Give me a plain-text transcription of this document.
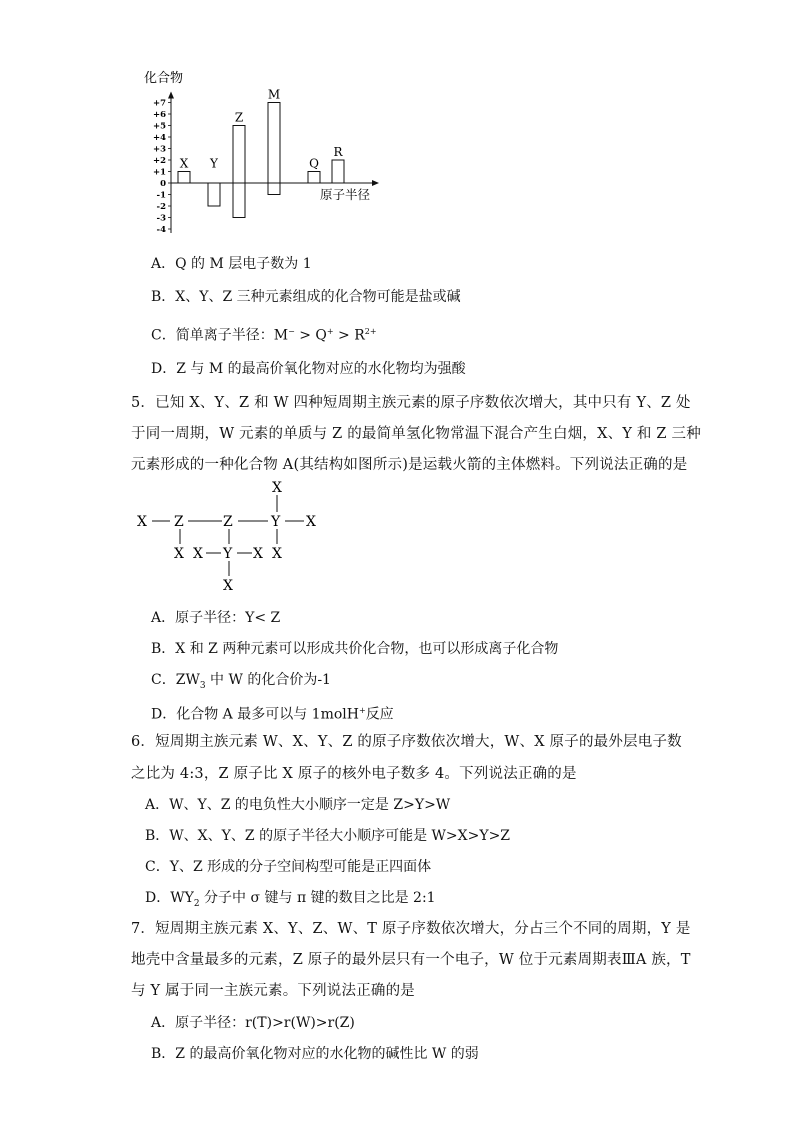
化合物
+7
+6
+5
+4
+3
+2
+1
0
-1
-2
-3
-4
X Y
Z
M
Q
R
原子半径
A．Q 的 M 层电子数为 1
B．X、Y、Z 三种元素组成的化合物可能是盐或碱
C．简单离子半径：$M^- > Q^+ > R^{2+}$
D．Z 与 M 的最高价氧化物对应的水化物均为强酸
5．已知 X、Y、Z 和 W 四种短周期主族元素的原子序数依次增大，其中只有 Y、Z 处
于同一周期，W 元素的单质与 Z 的最简单氢化物常温下混合产生白烟，X、Y 和 Z 三种
元素形成的一种化合物 A(其结构如图所示)是运载火箭的主体燃料。下列说法正确的是
X
X Z	Z	Y X
X X Y X X
X
A．原子半径：Y< Z
B．X 和 Z 两种元素可以形成共价化合物，也可以形成离子化合物
C．$ZW_3$ 中 W 的化合价为-1
D．化合物 A 最多可以与 1molH+反应
6．短周期主族元素 W、X、Y、Z 的原子序数依次增大，W、X 原子的最外层电子数
之比为 4:3，Z 原子比 X 原子的核外电子数多 4。下列说法正确的是
A．W、Y、Z 的电负性大小顺序一定是 Z>Y>W
B．W、X、Y、Z 的原子半径大小顺序可能是 W>X>Y>Z
C．Y、Z 形成的分子空间构型可能是正四面体
D．$WY_2$ 分子中 σ 键与 π 键的数目之比是 2:1
7．短周期主族元素 X、Y、Z、W、T 原子序数依次增大，分占三个不同的周期，Y 是
地壳中含量最多的元素，Z 原子的最外层只有一个电子，W 位于元素周期表ⅢA 族，T
与 Y 属于同一主族元素。下列说法正确的是
A．原子半径：r(T)>r(W)>r(Z)
B．Z 的最高价氧化物对应的水化物的碱性比 W 的弱
